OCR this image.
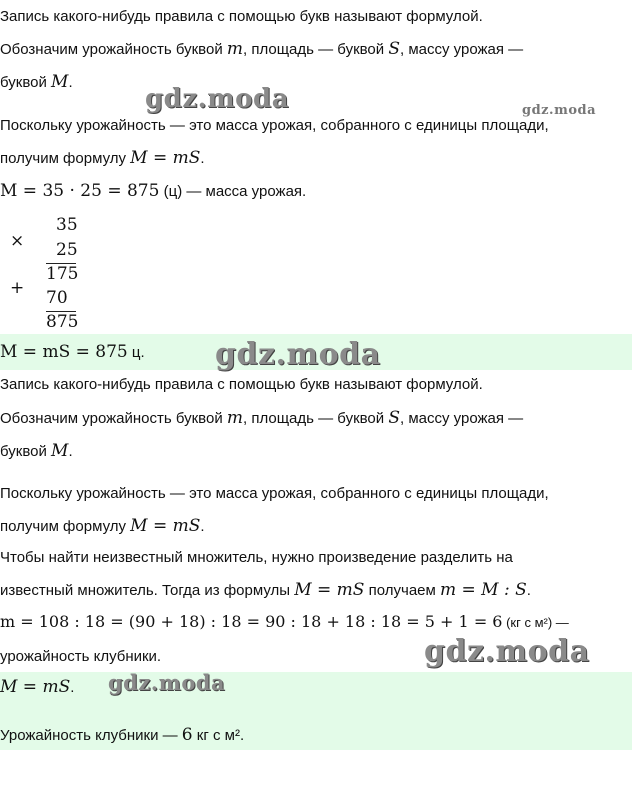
Запись какого-нибудь правила с помощью букв называют формулой.
Обозначим урожайность буквой m, площадь — буквой S, массу урожая —
буквой M.
Поскольку урожайность — это масса урожая, собранного с единицы площади,
получим формулу M = mS.
M = 35 · 25 = 875 (ц) — масса урожая.
×
35
25
175
+ 70
875
M = mS = 875 ц.
Запись какого-нибудь правила с помощью букв называют формулой.
Обозначим урожайность буквой m, площадь — буквой S, массу урожая —
буквой M.
Поскольку урожайность — это масса урожая, собранного с единицы площади,
получим формулу M = mS.
Чтобы найти неизвестный множитель, нужно произведение разделить на
известный множитель. Тогда из формулы M = mS получаем m = M : S.
m = 108 : 18 = (90 + 18) : 18 = 90 : 18 + 18 : 18 = 5 + 1 = 6 (кг с м²) —
урожайность клубники.
M = mS.
Урожайность клубники — 6 кг с м².
gdz.moda	gdz.moda
gdz.moda
gdz.moda
gdz.moda
